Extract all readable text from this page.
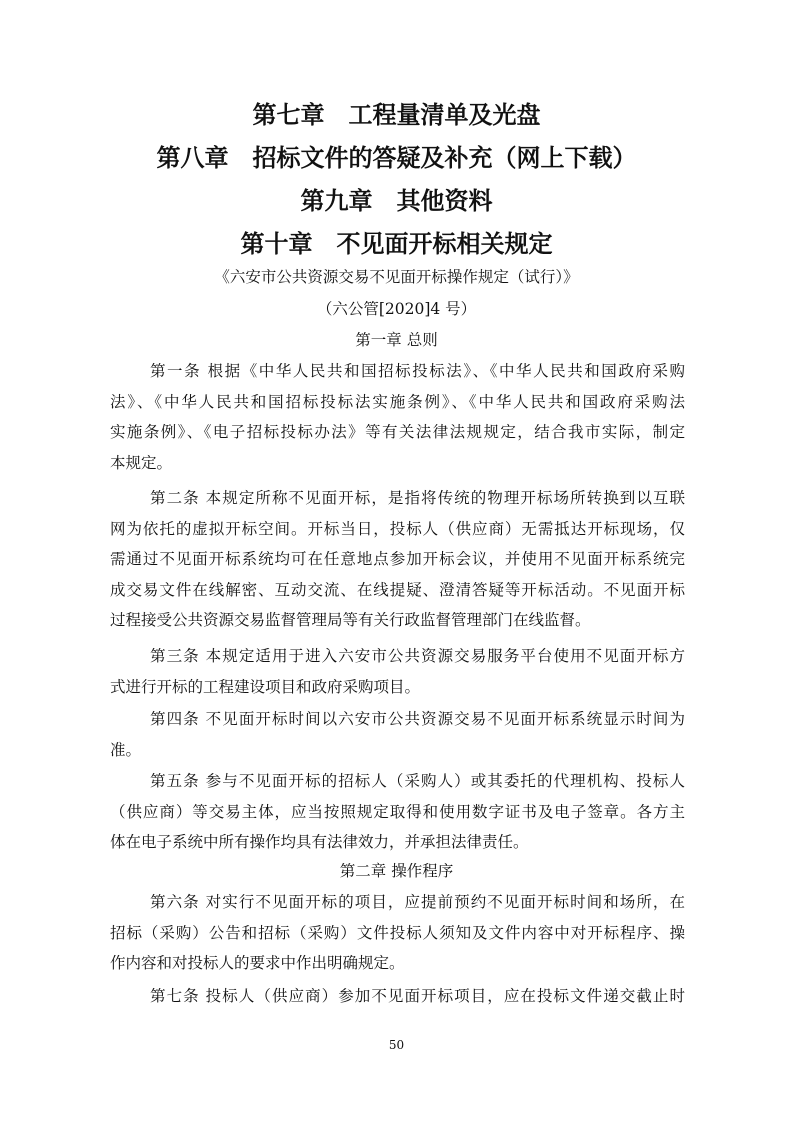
第七章　工程量清单及光盘
第八章　招标文件的答疑及补充（网上下载）
第九章　其他资料
第十章　不见面开标相关规定
《六安市公共资源交易不见面开标操作规定（试行）》
（六公管[2020]4 号）
第一章 总则
第一条 根据《中华人民共和国招标投标法》、《中华人民共和国政府采购
法》、《中华人民共和国招标投标法实施条例》、《中华人民共和国政府采购法
实施条例》、《电子招标投标办法》等有关法律法规规定，结合我市实际，制定
本规定。
第二条 本规定所称不见面开标，是指将传统的物理开标场所转换到以互联
网为依托的虚拟开标空间。开标当日，投标人（供应商）无需抵达开标现场，仅
需通过不见面开标系统均可在任意地点参加开标会议，并使用不见面开标系统完
成交易文件在线解密、互动交流、在线提疑、澄清答疑等开标活动。不见面开标
过程接受公共资源交易监督管理局等有关行政监督管理部门在线监督。
第三条 本规定适用于进入六安市公共资源交易服务平台使用不见面开标方
式进行开标的工程建设项目和政府采购项目。
第四条 不见面开标时间以六安市公共资源交易不见面开标系统显示时间为
准。
第五条 参与不见面开标的招标人（采购人）或其委托的代理机构、投标人
（供应商）等交易主体，应当按照规定取得和使用数字证书及电子签章。各方主
体在电子系统中所有操作均具有法律效力，并承担法律责任。
第二章 操作程序
第六条 对实行不见面开标的项目，应提前预约不见面开标时间和场所，在
招标（采购）公告和招标（采购）文件投标人须知及文件内容中对开标程序、操
作内容和对投标人的要求中作出明确规定。
第七条 投标人（供应商）参加不见面开标项目，应在投标文件递交截止时
50
